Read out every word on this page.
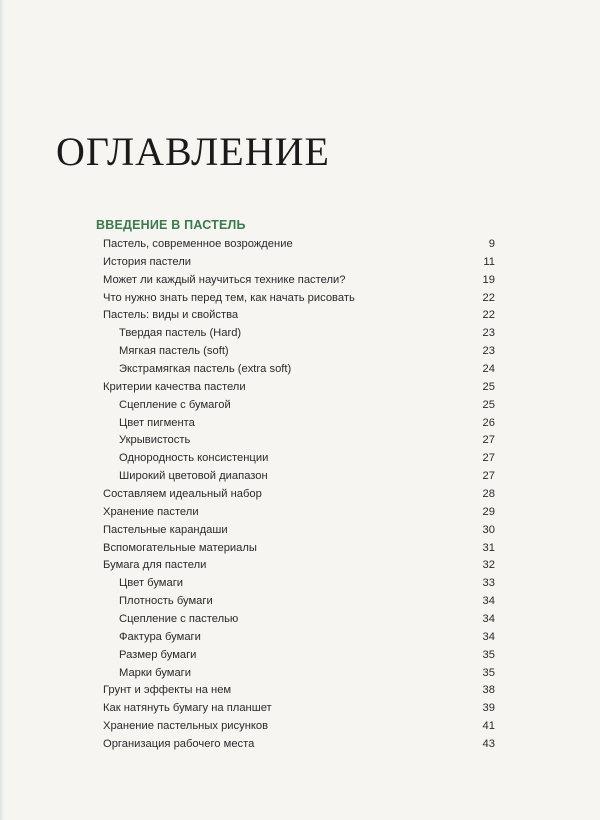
ОГЛАВЛЕНИЕ
ВВЕДЕНИЕ В ПАСТЕЛЬ
Пастель, современное возрождение	9
История пастели	11
Может ли каждый научиться технике пастели?	19
Что нужно знать перед тем, как начать рисовать	22
Пастель: виды и свойства	22
Твердая пастель (Hard)	23
Мягкая пастель (soft)	23
Экстрамягкая пастель (extra soft)	24
Критерии качества пастели	25
Сцепление с бумагой	25
Цвет пигмента	26
Укрывистость	27
Однородность консистенции	27
Широкий цветовой диапазон	27
Составляем идеальный набор	28
Хранение пастели	29
Пастельные карандаши	30
Вспомогательные материалы	31
Бумага для пастели	32
Цвет бумаги	33
Плотность бумаги	34
Сцепление с пастелью	34
Фактура бумаги	34
Размер бумаги	35
Марки бумаги	35
Грунт и эффекты на нем	38
Как натянуть бумагу на планшет	39
Хранение пастельных рисунков	41
Организация рабочего места	43
